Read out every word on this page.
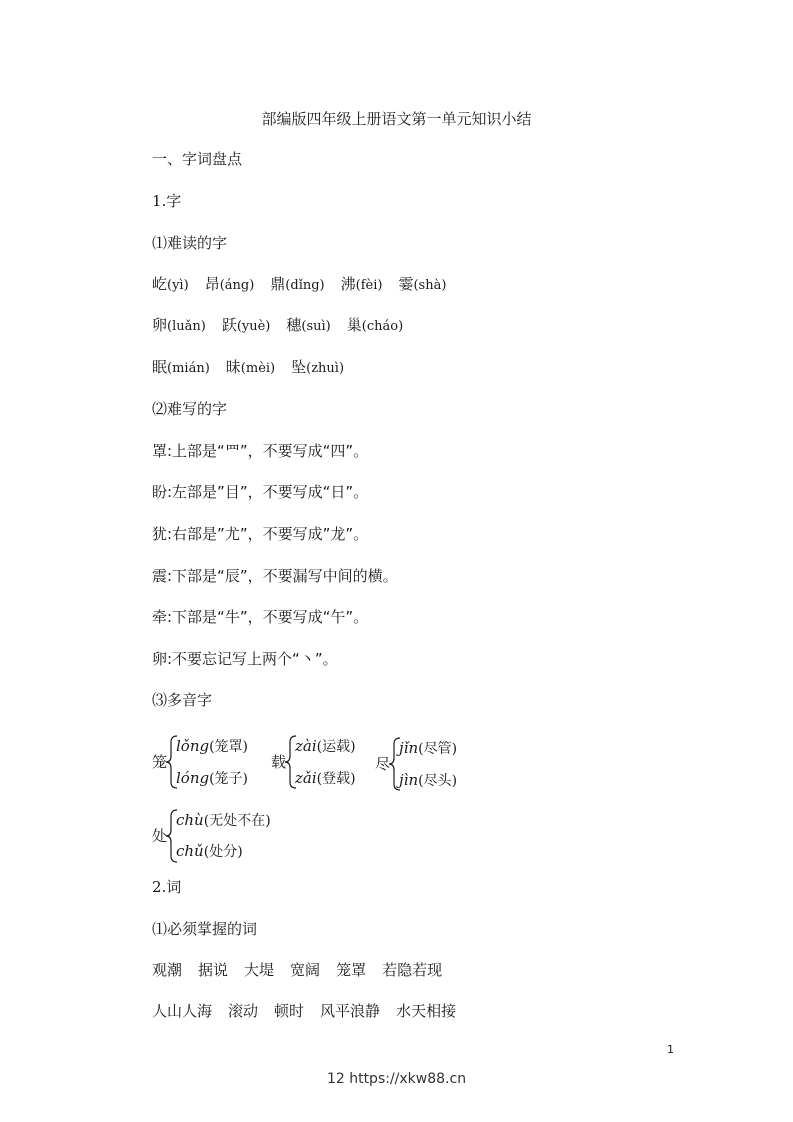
部编版四年级上册语文第一单元知识小结
一、字词盘点
1.字
⑴难读的字
屹(yì) 昂(áng) 鼎(dǐng) 沸(fèi) 霎(shà)
卵(luǎn) 跃(yuè) 穗(suì) 巢(cháo)
眠(mián) 昧(mèi) 坠(zhuì)
⑵难写的字
罩:上部是“罒”，不要写成“四”。
盼:左部是”目”，不要写成“日”。
犹:右部是”尤”，不要写成”龙”。
震:下部是“辰”，不要漏写中间的横。
牵:下部是“牛”，不要写成“午”。
卵:不要忘记写上两个“丶”。
⑶多音字
笼
lǒng(笼罩)
lóng(笼子)
载
zài(运载)
zǎi(登载)
尽
jǐn(尽管)
jìn(尽头)
处
chù(无处不在)
chǔ(处分)
2.词
⑴必须掌握的词
观潮 据说 大堤 宽阔 笼罩 若隐若现
人山人海 滚动 顿时 风平浪静 水天相接
1
12 https://xkw88.cn
